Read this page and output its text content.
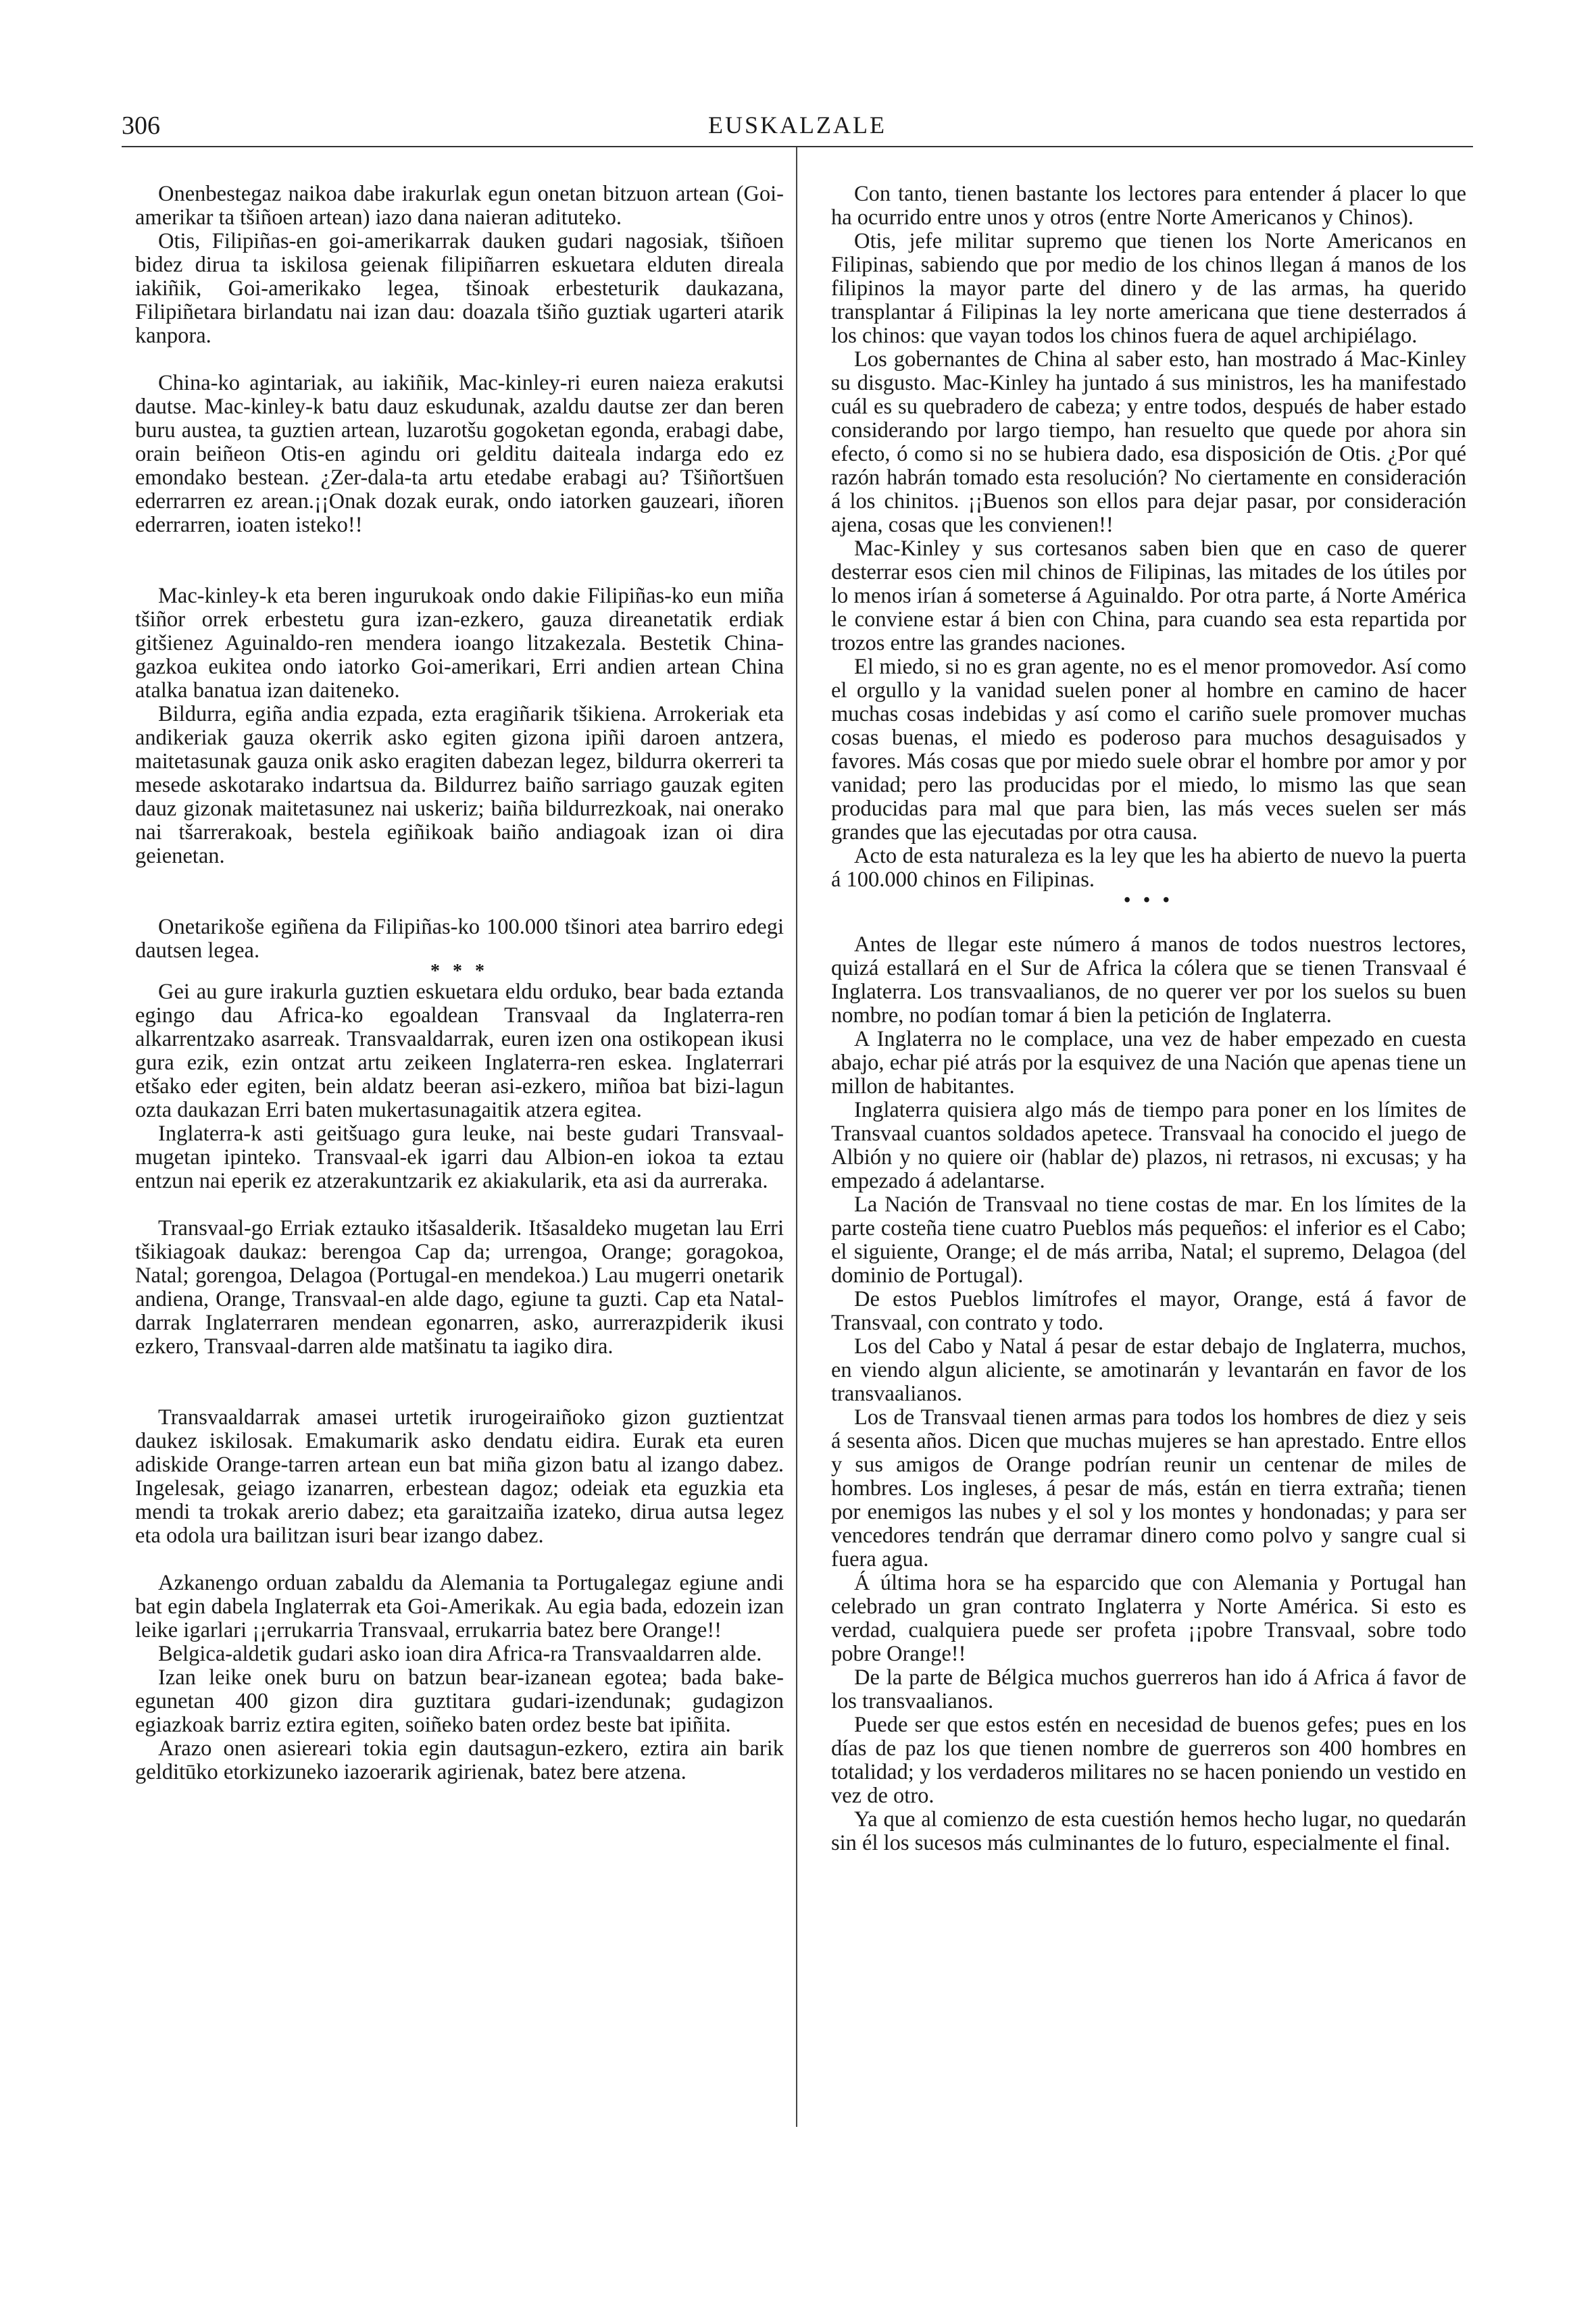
306	EUSKALZALE

Onenbestegaz naikoa dabe irakurlak egun onetan bitzuon artean (Goi-amerikar ta tšiñoen artean) iazo dana naieran adituteko.

Otis, Filipiñas-en goi-amerikarrak dauken gudari nagosiak, tšiñoen bidez dirua ta iskilosa geienak filipiñarren eskuetara elduten direala iakiñik, Goi-amerikako legea, tšinoak erbesteturik daukazana, Filipiñetara birlandatu nai izan dau: doazala tšiño guztiak ugarteri atarik kanpora.

China-ko agintariak, au iakiñik, Mac-kinley-ri euren naieza erakutsi dautse. Mac-kinley-k batu dauz eskudunak, azaldu dautse zer dan beren buru austea, ta guztien artean, luzarotšu gogoketan egonda, erabagi dabe, orain beiñeon Otis-en agindu ori gelditu daiteala indarga edo ez emondako bestean. ¿Zer-dala-ta artu etedabe erabagi au? Tšiñortšuen ederrarren ez arean.¡¡Onak dozak eurak, ondo iatorken gauzeari, iñoren ederrarren, ioaten isteko!!

Mac-kinley-k eta beren ingurukoak ondo dakie Filipiñas-ko eun miña tšiñor orrek erbestetu gura izan-ezkero, gauza direanetatik erdiak gitšienez Aguinaldo-ren mendera ioango litzakezala. Bestetik China-gazkoa eukitea ondo iatorko Goi-amerikari, Erri andien artean China atalka banatua izan daiteneko.

Bildurra, egiña andia ezpada, ezta eragiñarik tšikiena. Arrokeriak eta andikeriak gauza okerrik asko egiten gizona ipiñi daroen antzera, maitetasunak gauza onik asko eragiten dabezan legez, bildurra okerreri ta mesede askotarako indartsua da. Bildurrez baiño sarriago gauzak egiten dauz gizonak maitetasunez nai uskeriz; baiña bildurrezkoak, nai onerako nai tšarrerakoak, bestela egiñikoak baiño andiagoak izan oi dira geienetan.

Onetarikoše egiñena da Filipiñas-ko 100.000 tšinori atea barriro edegi dautsen legea.

* * *

Gei au gure irakurla guztien eskuetara eldu orduko, bear bada eztanda egingo dau Africa-ko egoaldean Transvaal da Inglaterra-ren alkarrentzako asarreak. Transvaaldarrak, euren izen ona ostikopean ikusi gura ezik, ezin ontzat artu zeikeen Inglaterra-ren eskea. Inglaterrari etšako eder egiten, bein aldatz beeran asi-ezkero, miñoa bat bizi-lagun ozta daukazan Erri baten mukertasunagaitik atzera egitea.

Inglaterra-k asti geitšuago gura leuke, nai beste gudari Transvaal-mugetan ipinteko. Transvaal-ek igarri dau Albion-en iokoa ta eztau entzun nai eperik ez atzerakuntzarik ez akiakularik, eta asi da aurreraka.

Transvaal-go Erriak eztauko itšasalderik. Itšasaldeko mugetan lau Erri tšikiagoak daukaz: berengoa Cap da; urrengoa, Orange; goragokoa, Natal; gorengoa, Delagoa (Portugal-en mendekoa.) Lau mugerri onetarik andiena, Orange, Transvaal-en alde dago, egiune ta guzti. Cap eta Natal-darrak Inglaterraren mendean egonarren, asko, aurrerazpiderik ikusi ezkero, Transvaal-darren alde matšinatu ta iagiko dira.

Transvaaldarrak amasei urtetik irurogeiraiñoko gizon guztientzat daukez iskilosak. Emakumarik asko dendatu eidira. Eurak eta euren adiskide Orange-tarren artean eun bat miña gizon batu al izango dabez. Ingelesak, geiago izanarren, erbestean dagoz; odeiak eta eguzkia eta mendi ta trokak arerio dabez; eta garaitzaiña izateko, dirua autsa legez eta odola ura bailitzan isuri bear izango dabez.

Azkanengo orduan zabaldu da Alemania ta Portugalegaz egiune andi bat egin dabela Inglaterrak eta Goi-Amerikak. Au egia bada, edozein izan leike igarlari ¡¡errukarria Transvaal, errukarria batez bere Orange!!

Belgica-aldetik gudari asko ioan dira Africa-ra Transvaaldarren alde.

Izan leike onek buru on batzun bear-izanean egotea; bada bake-egunetan 400 gizon dira guztitara gudari-izendunak; gudagizon egiazkoak barriz eztira egiten, soiñeko baten ordez beste bat ipiñita.

Arazo onen asiereari tokia egin dautsagun-ezkero, eztira ain barik gelditūko etorkizuneko iazoerarik agirienak, batez bere atzena.

Con tanto, tienen bastante los lectores para entender á placer lo que ha ocurrido entre unos y otros (entre Norte Americanos y Chinos).

Otis, jefe militar supremo que tienen los Norte Americanos en Filipinas, sabiendo que por medio de los chinos llegan á manos de los filipinos la mayor parte del dinero y de las armas, ha querido transplantar á Filipinas la ley norte americana que tiene desterrados á los chinos: que vayan todos los chinos fuera de aquel archipiélago.

Los gobernantes de China al saber esto, han mostrado á Mac-Kinley su disgusto. Mac-Kinley ha juntado á sus ministros, les ha manifestado cuál es su quebradero de cabeza; y entre todos, después de haber estado considerando por largo tiempo, han resuelto que quede por ahora sin efecto, ó como si no se hubiera dado, esa disposición de Otis. ¿Por qué razón habrán tomado esta resolución? No ciertamente en consideración á los chinitos. ¡¡Buenos son ellos para dejar pasar, por consideración ajena, cosas que les convienen!!

Mac-Kinley y sus cortesanos saben bien que en caso de querer desterrar esos cien mil chinos de Filipinas, las mitades de los útiles por lo menos irían á someterse á Aguinaldo. Por otra parte, á Norte América le conviene estar á bien con China, para cuando sea esta repartida por trozos entre las grandes naciones.

El miedo, si no es gran agente, no es el menor promovedor. Así como el orgullo y la vanidad suelen poner al hombre en camino de hacer muchas cosas indebidas y así como el cariño suele promover muchas cosas buenas, el miedo es poderoso para muchos desaguisados y favores. Más cosas que por miedo suele obrar el hombre por amor y por vanidad; pero las producidas por el miedo, lo mismo las que sean producidas para mal que para bien, las más veces suelen ser más grandes que las ejecutadas por otra causa.

Acto de esta naturaleza es la ley que les ha abierto de nuevo la puerta á 100.000 chinos en Filipinas.

• • •

Antes de llegar este número á manos de todos nuestros lectores, quizá estallará en el Sur de Africa la cólera que se tienen Transvaal é Inglaterra. Los transvaalianos, de no querer ver por los suelos su buen nombre, no podían tomar á bien la petición de Inglaterra.

A Inglaterra no le complace, una vez de haber empezado en cuesta abajo, echar pié atrás por la esquivez de una Nación que apenas tiene un millon de habitantes.

Inglaterra quisiera algo más de tiempo para poner en los límites de Transvaal cuantos soldados apetece. Transvaal ha conocido el juego de Albión y no quiere oir (hablar de) plazos, ni retrasos, ni excusas; y ha empezado á adelantarse.

La Nación de Transvaal no tiene costas de mar. En los límites de la parte costeña tiene cuatro Pueblos más pequeños: el inferior es el Cabo; el siguiente, Orange; el de más arriba, Natal; el supremo, Delagoa (del dominio de Portugal).

De estos Pueblos limítrofes el mayor, Orange, está á favor de Transvaal, con contrato y todo.

Los del Cabo y Natal á pesar de estar debajo de Inglaterra, muchos, en viendo algun aliciente, se amotinarán y levantarán en favor de los transvaalianos.

Los de Transvaal tienen armas para todos los hombres de diez y seis á sesenta años. Dicen que muchas mujeres se han aprestado. Entre ellos y sus amigos de Orange podrían reunir un centenar de miles de hombres. Los ingleses, á pesar de más, están en tierra extraña; tienen por enemigos las nubes y el sol y los montes y hondonadas; y para ser vencedores tendrán que derramar dinero como polvo y sangre cual si fuera agua.

Á última hora se ha esparcido que con Alemania y Portugal han celebrado un gran contrato Inglaterra y Norte América. Si esto es verdad, cualquiera puede ser profeta ¡¡pobre Transvaal, sobre todo pobre Orange!!

De la parte de Bélgica muchos guerreros han ido á Africa á favor de los transvaalianos.

Puede ser que estos estén en necesidad de buenos gefes; pues en los días de paz los que tienen nombre de guerreros son 400 hombres en totalidad; y los verdaderos militares no se hacen poniendo un vestido en vez de otro.

Ya que al comienzo de esta cuestión hemos hecho lugar, no quedarán sin él los sucesos más culminantes de lo futuro, especialmente el final.
